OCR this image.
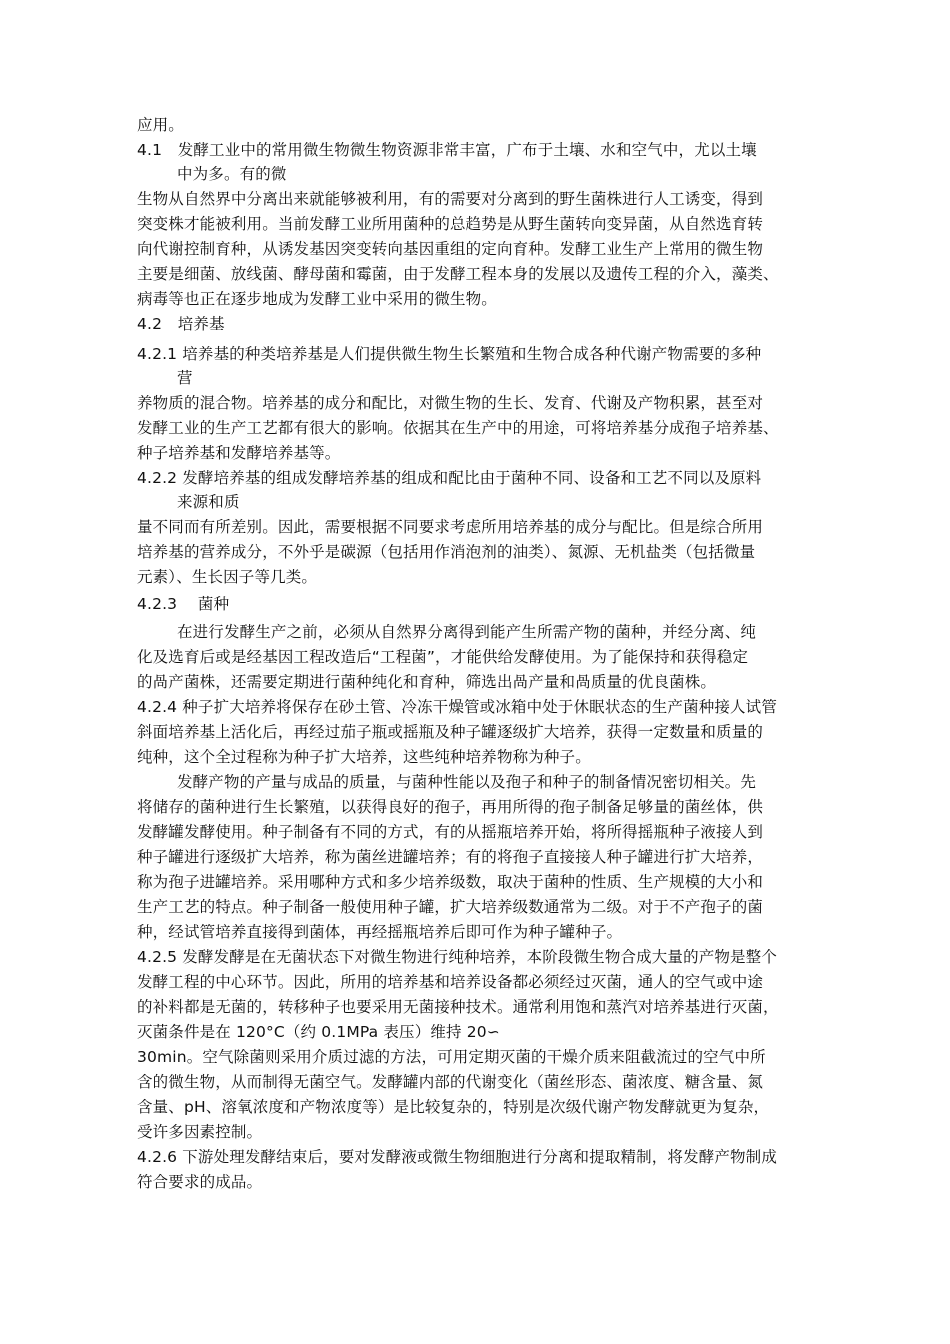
应用。
4.1　发酵工业中的常用微生物微生物资源非常丰富，广布于土壤、水和空气中，尤以土壤
中为多。有的微
生物从自然界中分离出来就能够被利用，有的需要对分离到的野生菌株进行人工诱变，得到
突变株才能被利用。当前发酵工业所用菌种的总趋势是从野生菌转向变异菌，从自然选育转
向代谢控制育种，从诱发基因突变转向基因重组的定向育种。发酵工业生产上常用的微生物
主要是细菌、放线菌、酵母菌和霉菌，由于发酵工程本身的发展以及遗传工程的介入，藻类、
病毒等也正在逐步地成为发酵工业中采用的微生物。
4.2　培养基
4.2.1 培养基的种类培养基是人们提供微生物生长繁殖和生物合成各种代谢产物需要的多种
营
养物质的混合物。培养基的成分和配比，对微生物的生长、发育、代谢及产物积累，甚至对
发酵工业的生产工艺都有很大的影响。依据其在生产中的用途，可将培养基分成孢子培养基、
种子培养基和发酵培养基等。
4.2.2 发酵培养基的组成发酵培养基的组成和配比由于菌种不同、设备和工艺不同以及原料
来源和质
量不同而有所差别。因此，需要根据不同要求考虑所用培养基的成分与配比。但是综合所用
培养基的营养成分，不外乎是碳源（包括用作消泡剂的油类）、氮源、无机盐类（包括微量
元素）、生长因子等几类。
4.2.3　 菌种
在进行发酵生产之前，必须从自然界分离得到能产生所需产物的菌种，并经分离、纯
化及选育后或是经基因工程改造后“工程菌”，才能供给发酵使用。为了能保持和获得稳定
的咼产菌株，还需要定期进行菌种纯化和育种，筛选出咼产量和咼质量的优良菌株。
4.2.4 种子扩大培养将保存在砂土管、冷冻干燥管或冰箱中处于休眠状态的生产菌种接人试管
斜面培养基上活化后，再经过茄子瓶或摇瓶及种子罐逐级扩大培养，获得一定数量和质量的
纯种，这个全过程称为种子扩大培养，这些纯种培养物称为种子。
发酵产物的产量与成品的质量，与菌种性能以及孢子和种子的制备情况密切相关。先
将储存的菌种进行生长繁殖，以获得良好的孢子，再用所得的孢子制备足够量的菌丝体，供
发酵罐发酵使用。种子制备有不同的方式，有的从摇瓶培养开始，将所得摇瓶种子液接人到
种子罐进行逐级扩大培养，称为菌丝进罐培养；有的将孢子直接接人种子罐进行扩大培养，
称为孢子进罐培养。采用哪种方式和多少培养级数，取决于菌种的性质、生产规模的大小和
生产工艺的特点。种子制备一般使用种子罐，扩大培养级数通常为二级。对于不产孢子的菌
种，经试管培养直接得到菌体，再经摇瓶培养后即可作为种子罐种子。
4.2.5 发酵发酵是在无菌状态下对微生物进行纯种培养，本阶段微生物合成大量的产物是整个
发酵工程的中心环节。因此，所用的培养基和培养设备都必须经过灭菌，通人的空气或中途
的补料都是无菌的，转移种子也要采用无菌接种技术。通常利用饱和蒸汽对培养基进行灭菌，
灭菌条件是在 120°C（约 0.1MPa 表压）维持 20∽
30min。空气除菌则采用介质过滤的方法，可用定期灭菌的干燥介质来阻截流过的空气中所
含的微生物，从而制得无菌空气。发酵罐内部的代谢变化（菌丝形态、菌浓度、糖含量、氮
含量、pH、溶氧浓度和产物浓度等）是比较复杂的，特别是次级代谢产物发酵就更为复杂，
受许多因素控制。
4.2.6 下游处理发酵结束后，要对发酵液或微生物细胞进行分离和提取精制，将发酵产物制成
符合要求的成品。
